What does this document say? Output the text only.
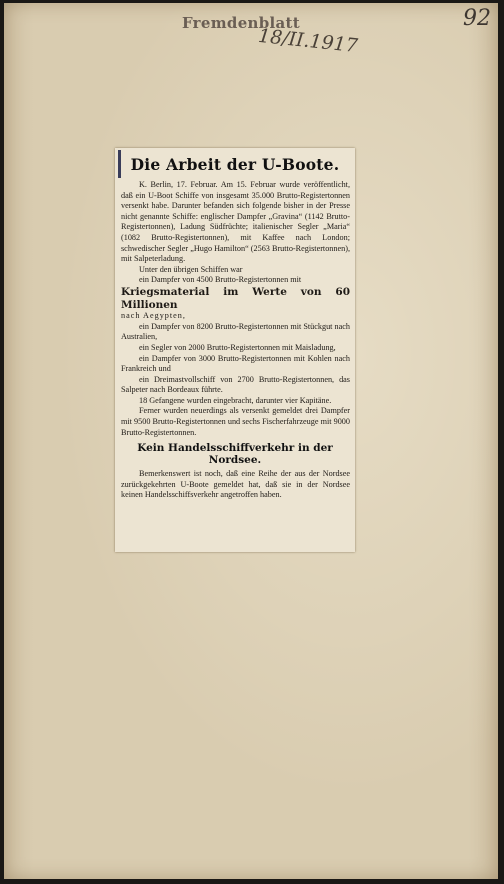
Fremdenblatt
18/II.1917
92
Die Arbeit der U-Boote.

K. Berlin, 17. Februar. Am 15. Februar wurde veröffentlicht, daß ein U-Boot Schiffe von insgesamt 35.000 Brutto-Registertonnen versenkt habe. Darunter befanden sich folgende bisher in der Presse nicht genannte Schiffe: englischer Dampfer „Gravina“ (1142 Brutto-Registertonnen), Ladung Südfrüchte; italienischer Segler „Maria“ (1082 Brutto-Registertonnen), mit Kaffee nach London; schwedischer Segler „Hugo Hamilton“ (2563 Brutto-Registertonnen), mit Salpeterladung.

Unter den übrigen Schiffen war

ein Dampfer von 4500 Brutto-Registertonnen mit
Kriegsmaterial im Werte von 60 Millionen
nach Aegypten,

ein Dampfer von 8200 Brutto-Registertonnen mit Stückgut nach Australien,

ein Segler von 2000 Brutto-Registertonnen mit Maisladung,

ein Dampfer von 3000 Brutto-Registertonnen mit Kohlen nach Frankreich und

ein Dreimastvollschiff von 2700 Brutto-Registertonnen, das Salpeter nach Bordeaux führte.

18 Gefangene wurden eingebracht, darunter vier Kapitäne.

Ferner wurden neuerdings als versenkt gemeldet drei Dampfer mit 9500 Brutto-Registertonnen und sechs Fischerfahrzeuge mit 9000 Brutto-Registertonnen.

Kein Handelsschiffverkehr in der Nordsee.

Bemerkenswert ist noch, daß eine Reihe der aus der Nordsee zurückgekehrten U-Boote gemeldet hat, daß sie in der Nordsee keinen Handelsschiffsverkehr angetroffen haben.
